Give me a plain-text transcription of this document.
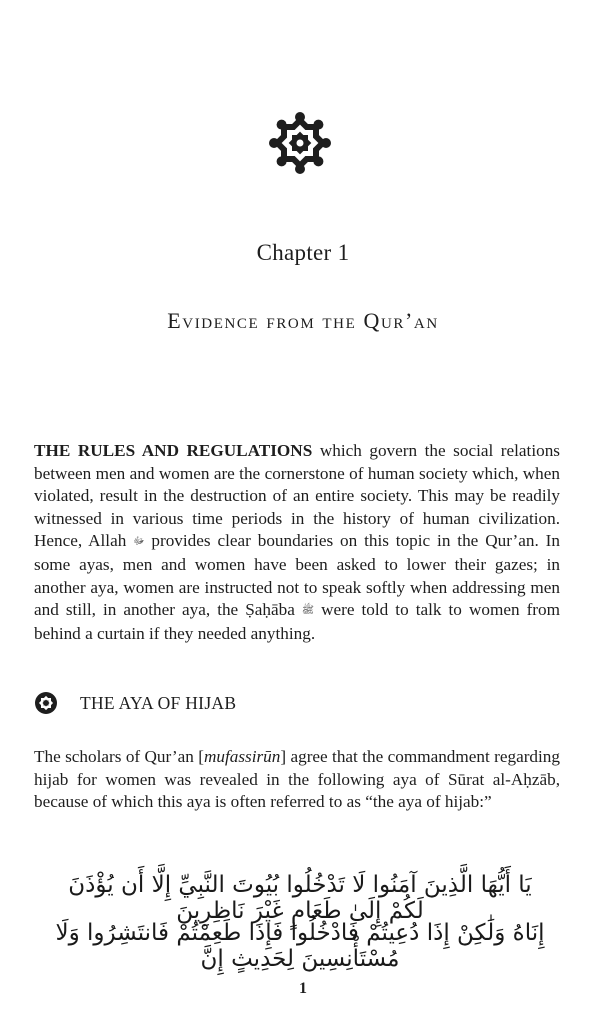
Chapter 1
Evidence from the Qur’an
THE RULES AND REGULATIONS which govern the social relations between men and women are the cornerstone of human society which, when violated, result in the destruction of an entire society. This may be readily witnessed in various time periods in the history of human civilization. Hence, Allah ﷻ provides clear boundaries on this topic in the Qur’an. In some ayas, men and women have been asked to lower their gazes; in another aya, women are instructed not to speak softly when addressing men and still, in another aya, the Ṣaḥāba ﷺ were told to talk to women from behind a curtain if they needed anything.
THE AYA OF HIJAB
The scholars of Qur’an [mufassirūn] agree that the commandment regarding hijab for women was revealed in the following aya of Sūrat al-Aḥzāb, because of which this aya is often referred to as “the aya of hijab:”
يَا أَيُّهَا الَّذِينَ آمَنُوا لَا تَدْخُلُوا بُيُوتَ النَّبِيِّ إِلَّا أَن يُؤْذَنَ لَكُمْ إِلَىٰ طَعَامٍ غَيْرَ نَاظِرِينَ
إِنَاهُ وَلَٰكِنْ إِذَا دُعِيتُمْ فَادْخُلُوا فَإِذَا طَعِمْتُمْ فَانتَشِرُوا وَلَا مُسْتَأْنِسِينَ لِحَدِيثٍ إِنَّ
1
